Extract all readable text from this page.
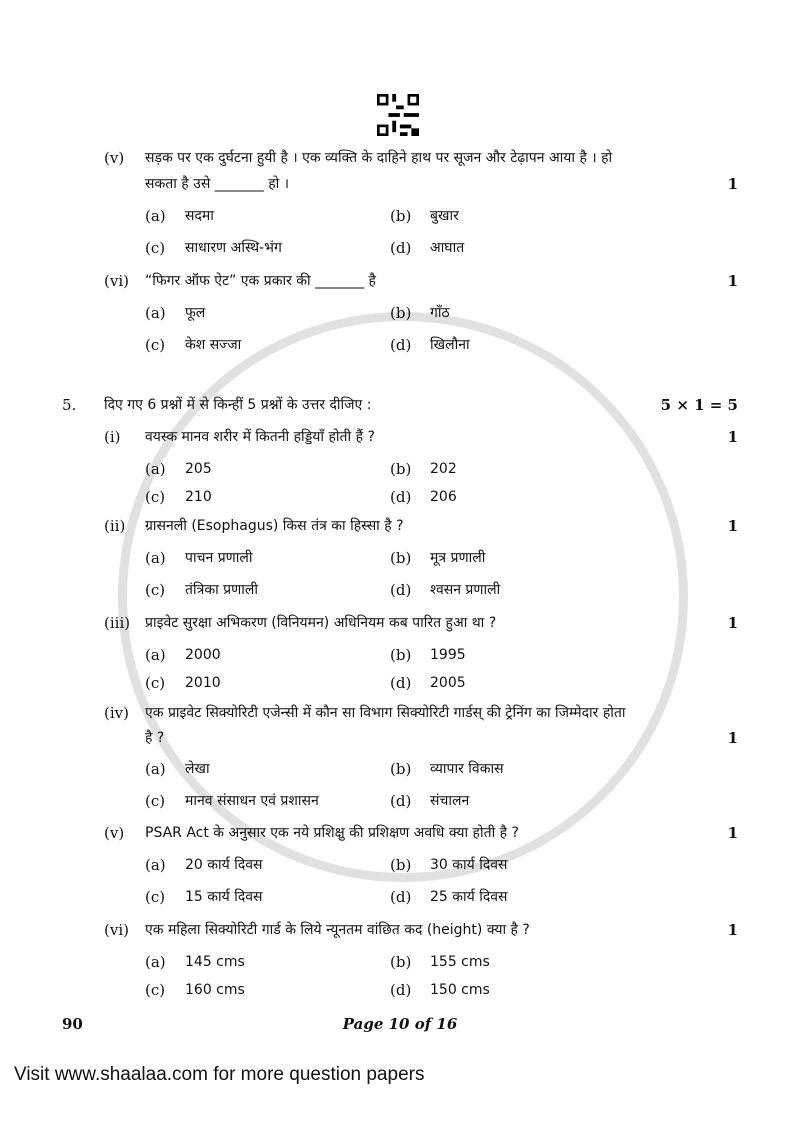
(v) सड़क पर एक दुर्घटना हुयी है । एक व्यक्ति के दाहिने हाथ पर सूजन और टेढ़ापन आया है । हो
सकता है उसे _______ हो ।	1
(a) सदमा	(b) बुखार
(c) साधारण अस्थि-भंग	(d) आघात
(vi) “फिगर ऑफ ऐट” एक प्रकार की _______ है	1
(a) फूल	(b) गाँठ
(c) केश सज्जा	(d) खिलौना
5. दिए गए 6 प्रश्नों में से किन्हीं 5 प्रश्नों के उत्तर दीजिए :	5 × 1 = 5
(i) वयस्क मानव शरीर में कितनी हड्डियाँ होती हैं ?	1
(a) 205	(b) 202
(c) 210	(d) 206
(ii) ग्रासनली (Esophagus) किस तंत्र का हिस्सा है ?	1
(a) पाचन प्रणाली	(b) मूत्र प्रणाली
(c) तंत्रिका प्रणाली	(d) श्वसन प्रणाली
(iii) प्राइवेट सुरक्षा अभिकरण (विनियमन) अधिनियम कब पारित हुआ था ?	1
(a) 2000	(b) 1995
(c) 2010	(d) 2005
(iv) एक प्राइवेट सिक्योरिटी एजेन्सी में कौन सा विभाग सिक्योरिटी गार्डस् की ट्रेनिंग का जिम्मेदार होता
है ?	1
(a) लेखा	(b) व्यापार विकास
(c) मानव संसाधन एवं प्रशासन	(d) संचालन
(v) PSAR Act के अनुसार एक नये प्रशिक्षु की प्रशिक्षण अवधि क्या होती है ?	1
(a) 20 कार्य दिवस	(b) 30 कार्य दिवस
(c) 15 कार्य दिवस	(d) 25 कार्य दिवस
(vi) एक महिला सिक्योरिटी गार्ड के लिये न्यूनतम वांछित कद (height) क्या है ?	1
(a) 145 cms	(b) 155 cms
(c) 160 cms	(d) 150 cms
90	Page 10 of 16
Visit www.shaalaa.com for more question papers
